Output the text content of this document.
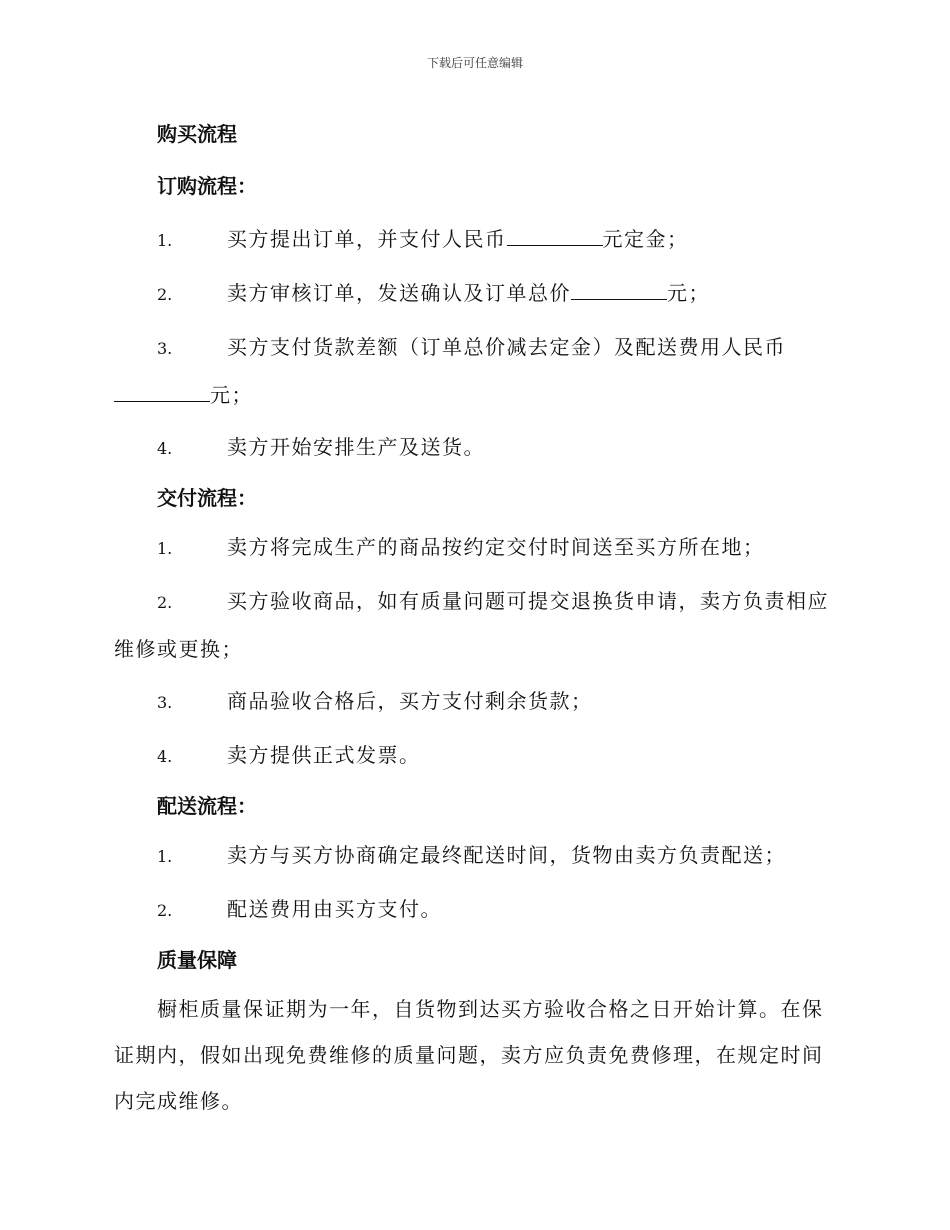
下载后可任意编辑
购买流程
订购流程：

1.	买方提出订单，并支付人民币	元定金；

2.	卖方审核订单，发送确认及订单总价	元；

3.	买方支付货款差额（订单总价减去定金）及配送费用人民币
元；

4.	卖方开始安排生产及送货。

交付流程：

1.	卖方将完成生产的商品按约定交付时间送至买方所在地；

2.	买方验收商品，如有质量问题可提交退换货申请，卖方负责相应
维修或更换；

3.	商品验收合格后，买方支付剩余货款；

4.	卖方提供正式发票。

配送流程：

1.	卖方与买方协商确定最终配送时间，货物由卖方负责配送；

2.	配送费用由买方支付。

质量保障

橱柜质量保证期为一年，自货物到达买方验收合格之日开始计算。在保证期内，假如出现免费维修的质量问题，卖方应负责免费修理，在规定时间内完成维修。
